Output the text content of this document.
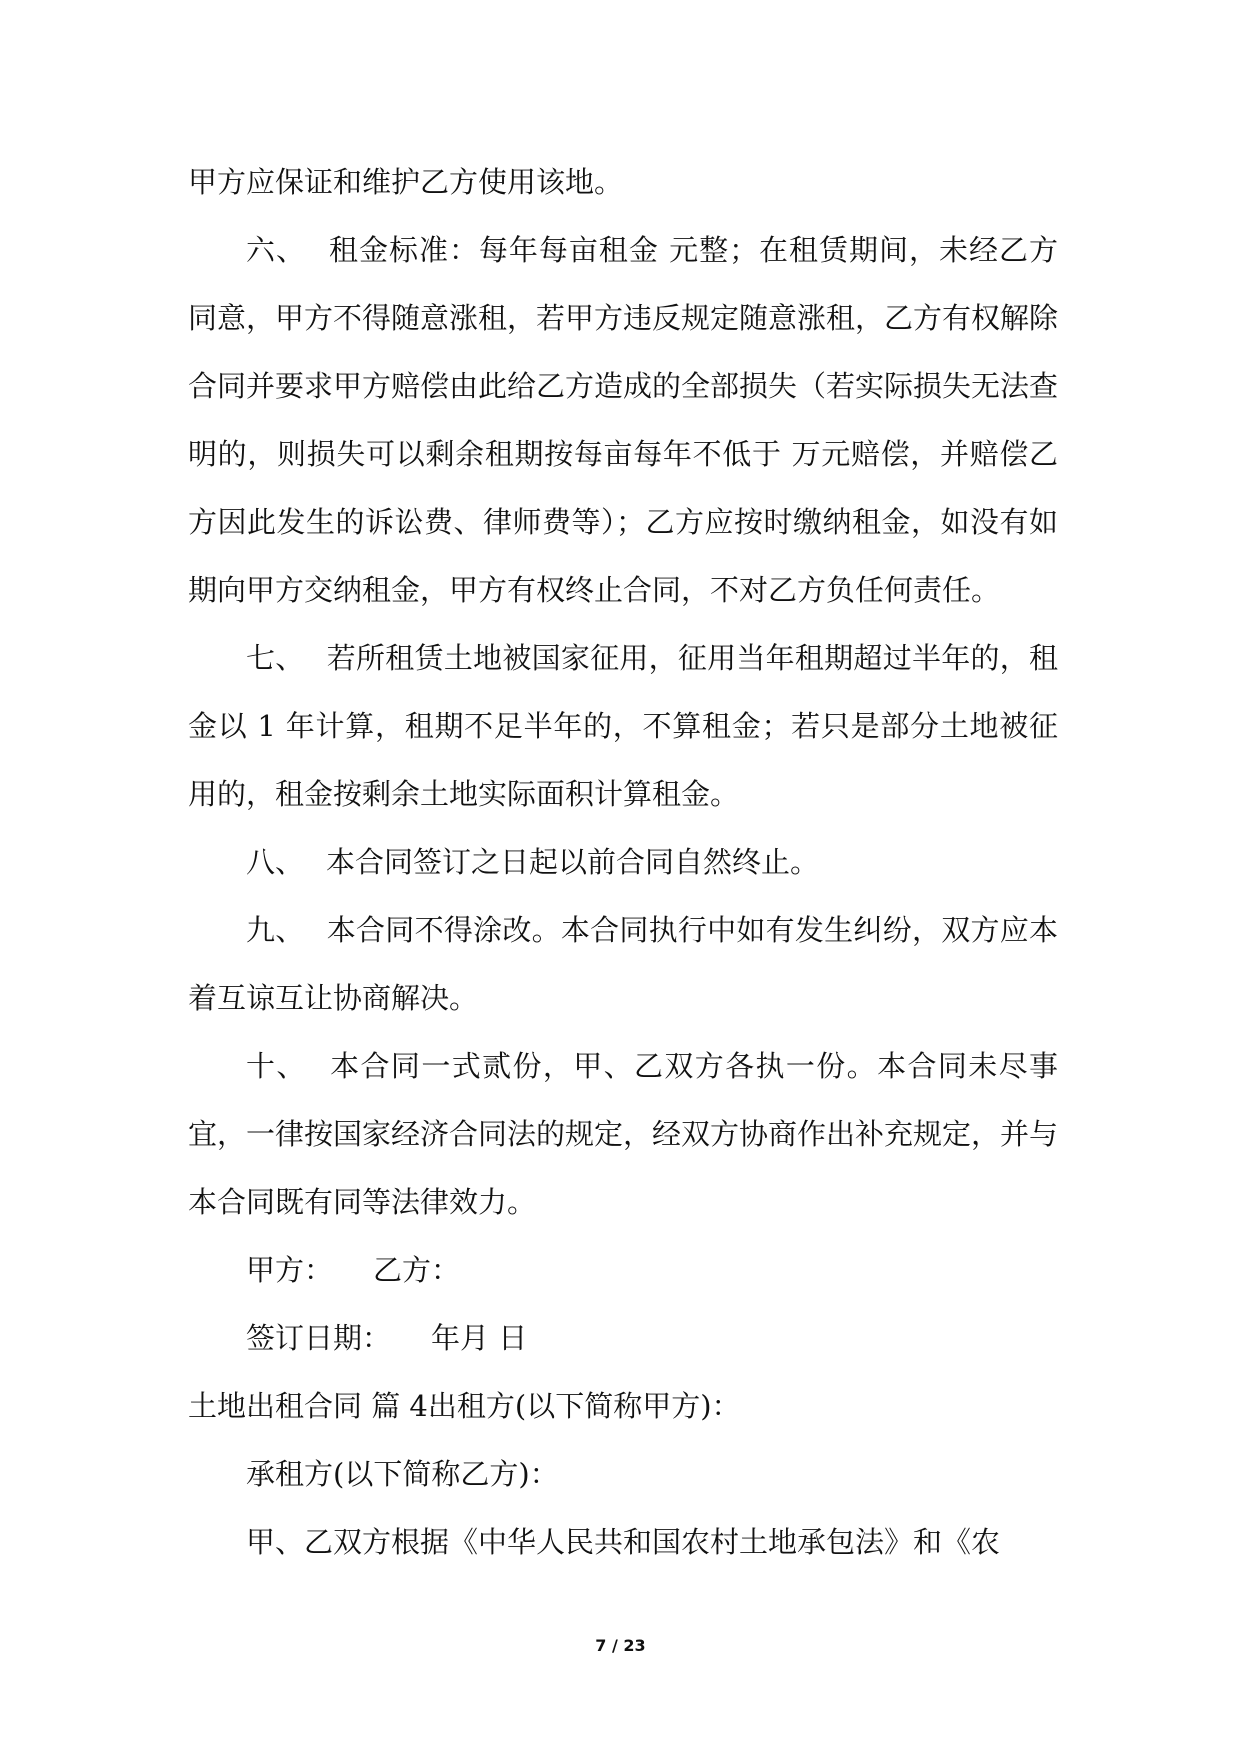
甲方应保证和维护乙方使用该地。

六、 租金标准：每年每亩租金 元整；在租赁期间，未经乙方同意，甲方不得随意涨租，若甲方违反规定随意涨租，乙方有权解除合同并要求甲方赔偿由此给乙方造成的全部损失（若实际损失无法查明的，则损失可以剩余租期按每亩每年不低于 万元赔偿，并赔偿乙方因此发生的诉讼费、律师费等）；乙方应按时缴纳租金，如没有如期向甲方交纳租金，甲方有权终止合同，不对乙方负任何责任。

七、 若所租赁土地被国家征用，征用当年租期超过半年的，租金以 1 年计算，租期不足半年的，不算租金；若只是部分土地被征用的，租金按剩余土地实际面积计算租金。

八、 本合同签订之日起以前合同自然终止。

九、 本合同不得涂改。本合同执行中如有发生纠纷，双方应本着互谅互让协商解决。

十、 本合同一式贰份，甲、乙双方各执一份。本合同未尽事宜，一律按国家经济合同法的规定，经双方协商作出补充规定，并与本合同既有同等法律效力。

甲方： 乙方：

签订日期： 年月 日

土地出租合同 篇 4出租方(以下简称甲方)：

承租方(以下简称乙方)：

甲、乙双方根据《中华人民共和国农村土地承包法》和《农

7 / 23
